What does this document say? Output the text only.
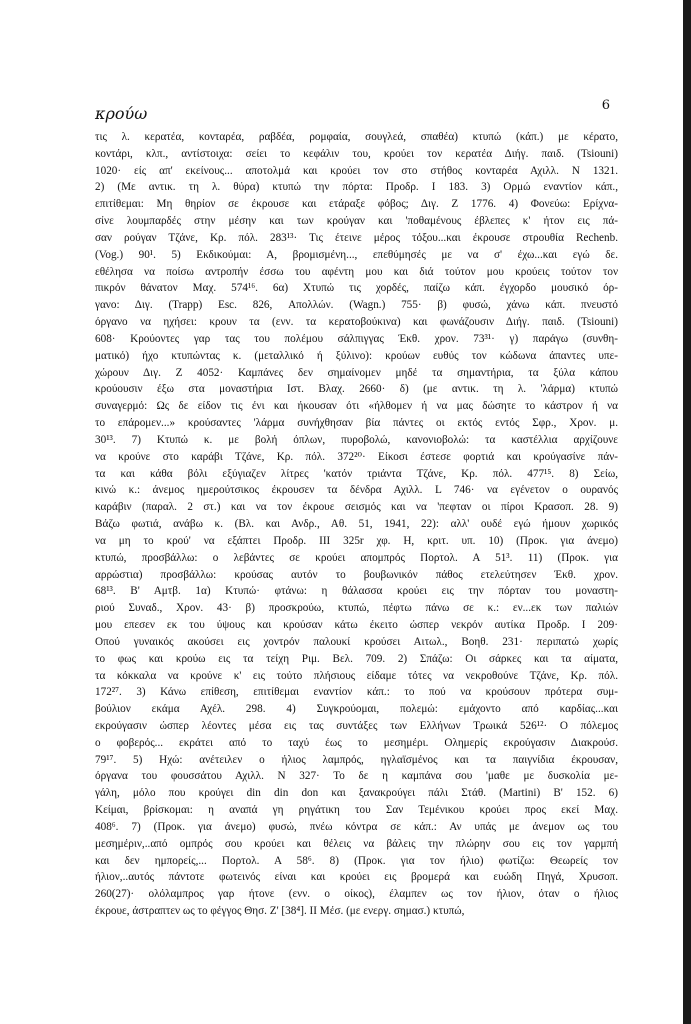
κρούω	6
τις λ. κερατέα, κονταρέα, ραβδέα, ρομφαία, σουγλεά, σπαθέα) κτυπώ (κάπ.) με κέρατο,
κοντάρι, κλπ., αντίστοιχα: σείει το κεφάλιν του, κρούει τον κερατέα Διήγ. παιδ. (Tsiouni)
1020· είς απ' εκείνους... αποτολμά και κρούει τον στο στήθος κονταρέα Αχιλλ. Ν 1321.
2) (Με αντικ. τη λ. θύρα) κτυπώ την πόρτα: Προδρ. I 183. 3) Ορμώ εναντίον κάπ.,
επιτίθεμαι: Μη θηρίον σε έκρουσε και ετάραξε φόβος; Διγ. Ζ 1776. 4) Φονεύω: Ερίχνα-
σίνε λουμπαρδές στην μέσην και των κρούγαν και 'ποθαμένους έβλεπες κ' ήτον εις πά-
σαν ρούγαν Τζάνε, Κρ. πόλ. 283¹³· Τις έτεινε μέρος τόξου...και έκρουσε στρουθία Rechenb.
(Vog.) 90¹. 5) Εκδικούμαι: Α, βρομισμένη..., επεθύμησές με να σ' έχω...και εγώ δε.
εθέλησα να ποίσω αντροπήν έσσω του αφέντη μου και διά τούτον μου κρούεις τούτον τον
πικρόν θάνατον Μαχ. 574¹⁶. 6α) Χτυπώ τις χορδές, παίζω κάπ. έγχορδο μουσικό όρ-
γανο: Διγ. (Trapp) Esc. 826, Απολλών. (Wagn.) 755· β) φυσώ, χάνω κάπ. πνευστό
όργανο να ηχήσει: κρουν τα (ενν. τα κερατοβούκινα) και φωνάζουσιν Διήγ. παιδ. (Tsiouni)
608· Κρούοντες γαρ τας του πολέμου σάλπιγγας Έκθ. χρον. 73³¹· γ) παράγω (συνθη-
ματικό) ήχο κτυπώντας κ. (μεταλλικό ή ξύλινο): κρούων ευθύς τον κώδωνα άπαντες υπε-
χώρουν Διγ. Ζ 4052· Καμπάνες δεν σημαίνομεν μηδέ τα σημαντήρια, τα ξύλα κάπου
κρούουσιν έξω στα μοναστήρια Ιστ. Βλαχ. 2660· δ) (με αντικ. τη λ. 'λάρμα) κτυπώ
συναγερμό: Ως δε είδον τις ένι και ήκουσαν ότι «ήλθομεν ή να μας δώσητε το κάστρον ή να
το επάρομεν...» κρούσαντες 'λάρμα συνήχθησαν βία πάντες οι εκτός εντός Σφρ., Χρον. μ.
30¹³. 7) Κτυπώ κ. με βολή όπλων, πυροβολώ, κανονιοβολώ: τα καστέλλια αρχίζουνε
να κρούνε στο καράβι Τζάνε, Κρ. πόλ. 372²⁰· Είκοσι έστεσε φορτιά και κρούγασίνε πάν-
τα και κάθα βόλι εξύγιαζεν λίτρες 'κατόν τριάντα Τζάνε, Κρ. πόλ. 477¹⁵. 8) Σείω,
κινώ κ.: άνεμος ημερούτσικος έκρουσεν τα δένδρα Αχιλλ. L 746· να εγένετον ο ουρανός
καράβιν (παραλ. 2 στ.) και να τον έκρουε σεισμός και να 'πεφταν οι πίροι Κρασοπ. 28. 9)
Βάζω φωτιά, ανάβω κ. (Βλ. και Ανδρ., Αθ. 51, 1941, 22): αλλ' ουδέ εγώ ήμουν χωρικός
να μη το κρού' να εξάπτει Προδρ. III 325r χφ. Η, κριτ. υπ. 10) (Προκ. για άνεμο)
κτυπώ, προσβάλλω: ο λεβάντες σε κρούει απομπρός Πορτολ. Α 51³. 11) (Προκ. για
αρρώστια) προσβάλλω: κρούσας αυτόν το βουβωνικόν πάθος ετελεύτησεν Έκθ. χρον.
68¹³. Β' Αμτβ. 1α) Κτυπώ· φτάνω: η θάλασσα κρούει εις την πόρταν του μοναστη-
ριού Συναδ., Χρον. 43· β) προσκρούω, κτυπώ, πέφτω πάνω σε κ.: εν...εκ των παλιών
μου επεσεν εκ του ύψους και κρούσαν κάτω έκειτο ώσπερ νεκρόν αυτίκα Προδρ. I 209·
Οπού γυναικός ακούσει εις χοντρόν παλουκί κρούσει Αιτωλ., Βοηθ. 231· περιπατώ χωρίς
το φως και κρούω εις τα τείχη Ριμ. Βελ. 709. 2) Σπάζω: Οι σάρκες και τα αίματα,
τα κόκκαλα να κρούνε κ' εις τούτο πλήσιους είδαμε τότες να νεκροθούνε Τζάνε, Κρ. πόλ.
172²⁷. 3) Κάνω επίθεση, επιτίθεμαι εναντίον κάπ.: το πού να κρούσουν πρότερα συμ-
βούλιον εκάμα Αχέλ. 298. 4) Συγκρούομαι, πολεμώ: εμάχοντο από καρδίας...και
εκρούγασιν ώσπερ λέοντες μέσα εις τας συντάξες των Ελλήνων Τρωικά 526¹²· Ο πόλεμος
ο φοβερός... εκράτει από το ταχύ έως το μεσημέρι. Ολημερίς εκρούγασιν Διακρούσ.
79¹⁷. 5) Ηχώ: ανέτειλεν ο ήλιος λαμπρός, ηγλαϊσμένος και τα παιγνίδια έκρουσαν,
όργανα του φουσσάτου Αχιλλ. Ν 327· Το δε η καμπάνα σου 'μαθε με δυσκολία με-
γάλη, μόλο που κρούγει din din don και ξανακρούγει πάλι Στάθ. (Martini) Β' 152. 6)
Κείμαι, βρίσκομαι: η αναπά γη ρηγάτικη του Σαν Τεμένικου κρούει προς εκεί Μαχ.
408⁶. 7) (Προκ. για άνεμο) φυσώ, πνέω κόντρα σε κάπ.: Αν υπάς με άνεμον ως του
μεσημέριν,..από ομπρός σου κρούει και θέλεις να βάλεις την πλώρην σου εις τον γαρμπή
και δεν ημπορείς,... Πορτολ. Α 58⁶. 8) (Προκ. για τον ήλιο) φωτίζω: Θεωρείς τον
ήλιον,..αυτός πάντοτε φωτεινός είναι και κρούει εις βρομερά και ευώδη Πηγά, Χρυσοπ.
260(27)· ολόλαμπρος γαρ ήτονε (ενν. ο οίκος), έλαμπεν ως τον ήλιον, όταν ο ήλιος
έκρουε, άστραπτεν ως το φέγγος Θησ. Ζ' [38⁴]. II Μέσ. (με ενεργ. σημασ.) κτυπώ,
